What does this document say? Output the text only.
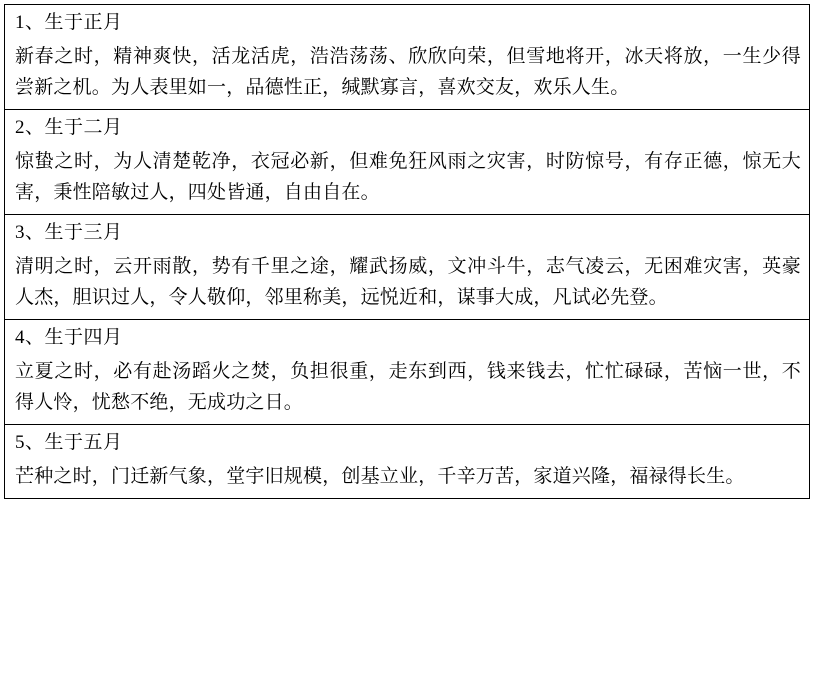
1、生于正月
新春之时，精神爽快，活龙活虎，浩浩荡荡、欣欣向荣，但雪地将开，冰天将放，一生少得尝新之机。为人表里如一，品德性正，缄默寡言，喜欢交友，欢乐人生。
2、生于二月
惊蛰之时，为人清楚乾净，衣冠必新，但难免狂风雨之灾害，时防惊号，有存正德，惊无大害，秉性陪敏过人，四处皆通，自由自在。
3、生于三月
清明之时，云开雨散，势有千里之途，耀武扬威，文冲斗牛，志气凌云，无困难灾害，英豪人杰，胆识过人，令人敬仰，邻里称美，远悦近和，谋事大成，凡试必先登。
4、生于四月
立夏之时，必有赴汤蹈火之焚，负担很重，走东到西，钱来钱去，忙忙碌碌，苦恼一世，不得人怜，忧愁不绝，无成功之日。
5、生于五月
芒种之时，门迁新气象，堂宇旧规模，创基立业，千辛万苦，家道兴隆，福禄得长生。
